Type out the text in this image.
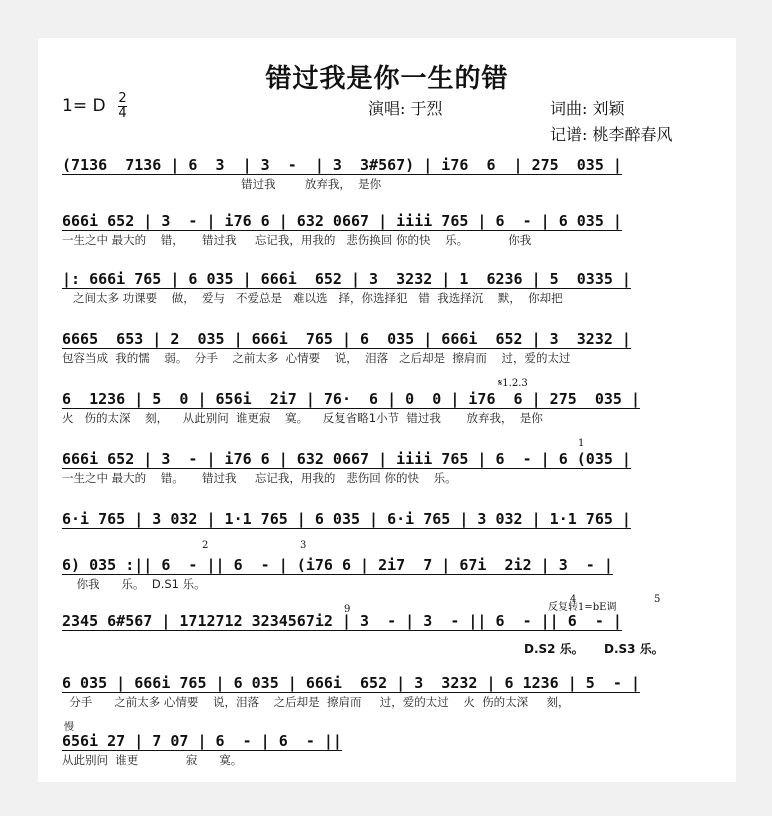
错过我是你一生的错
1= D 2
4	演唱: 于烈	词曲: 刘颖
记谱: 桃李醉春风
(7136  7136 | 6  3  | 3  -  | 3  3#567) | i76  6  | 275  035 |
错过我        放弃我，  是你
666i 652 | 3  - | i76 6 | 632 0667 | iiii 765 | 6  - | 6 035 |
一生之中 最大的    错，     错过我     忘记我，用我的   悲伤换回 你的快    乐。           你我
|: 666i 765 | 6 035 | 666i  652 | 3  3232 | 1  6236 | 5  0335 |
之间太多 功课要    做，  爱与   不爱总是   难以选   择，你选择犯   错  我选择沉    默，  你却把
6665  653 | 2  035 | 666i  765 | 6  035 | 666i  652 | 3  3232 |
包容当成  我的懦    弱。  分手    之前太多  心情要    说，  泪落   之后却是  擦肩而    过，爱的太过
6  1236 | 5  0 | 656i  2i7 | 76·  6 | 0  0 | i76  6 | 275  035 |
火   伤的太深    刻，    从此别问  谁更寂    寞。    反复省略1小节  错过我       放弃我，  是你
666i 652 | 3  - | i76 6 | 632 0667 | iiii 765 | 6  - | 6 (035 |
一生之中 最大的    错。     错过我     忘记我，用我的   悲伤回 你的快    乐。
6·i 765 | 3 032 | 1·1 765 | 6 035 | 6·i 765 | 3 032 | 1·1 765 |
6) 035 :|| 6  - || 6  - | (i76 6 | 2i7  7 | 67i  2i2 | 3  - |
你我      乐。  D.S1 乐。
2345 6#567 | 1712712 3234567i2 | 3  - | 3  - || 6  - || 6  - |
6 035 | 666i 765 | 6 035 | 666i  652 | 3  3232 | 6 1236 | 5  - |
分手      之前太多 心情要    说，泪落    之后却是  擦肩而     过，爱的太过    火  伤的太深     刻，
656i 27 | 7 07 | 6  - | 6  - ||
从此别问  谁更             寂      寞。
𝄋1.2.3
1
2	3
4	5
9	反复转1=bE调
D.S2 乐。 D.S3 乐。
慢
